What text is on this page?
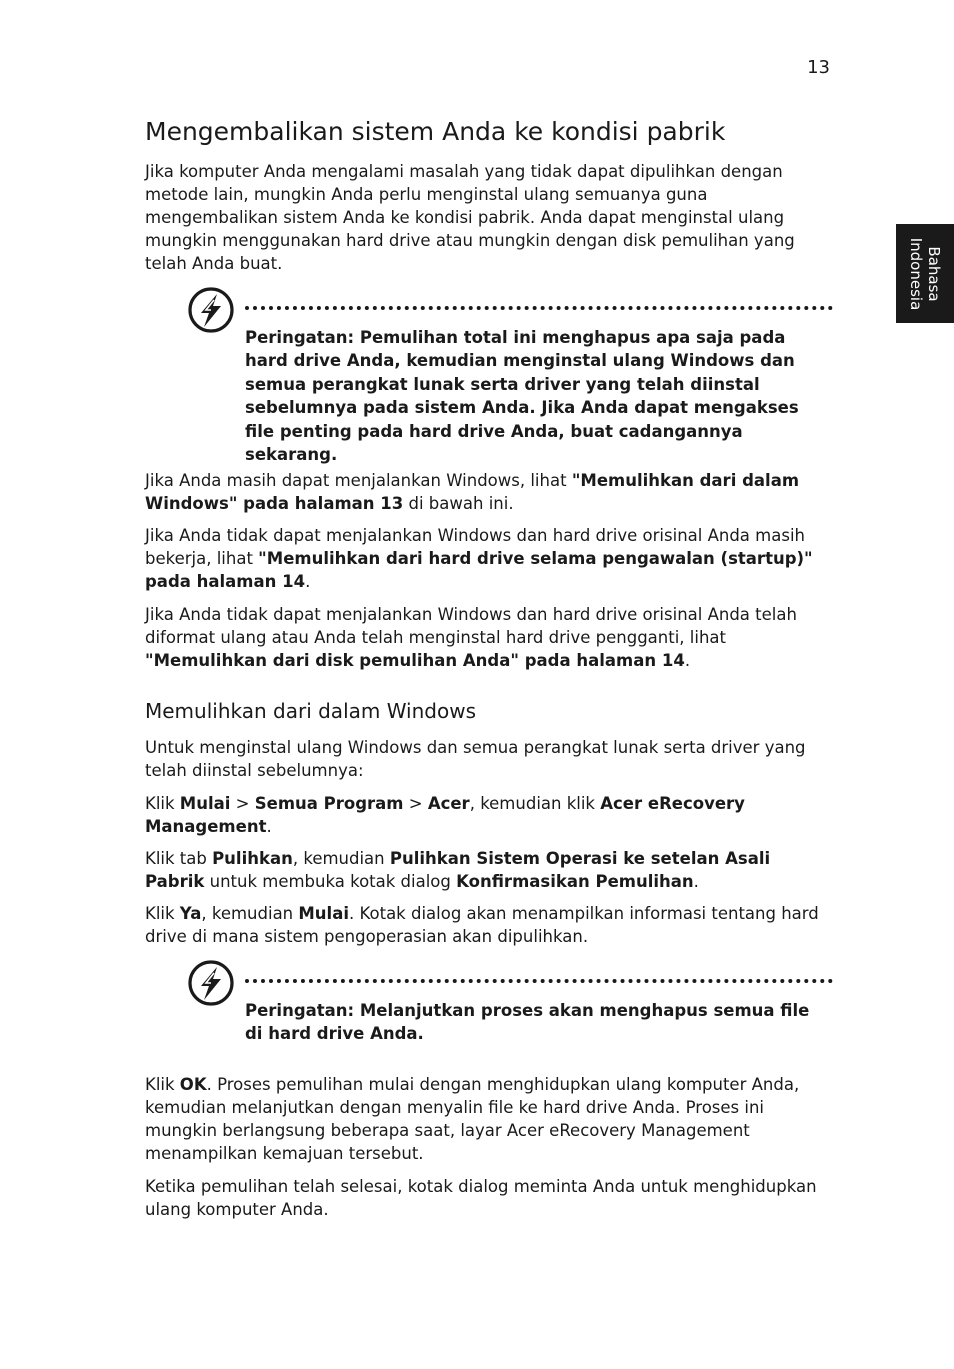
13
Bahasa
Indonesia
Mengembalikan sistem Anda ke kondisi pabrik

Jika komputer Anda mengalami masalah yang tidak dapat dipulihkan dengan metode lain, mungkin Anda perlu menginstal ulang semuanya guna mengembalikan sistem Anda ke kondisi pabrik. Anda dapat menginstal ulang mungkin menggunakan hard drive atau mungkin dengan disk pemulihan yang telah Anda buat.

Peringatan: Pemulihan total ini menghapus apa saja pada hard drive Anda, kemudian menginstal ulang Windows dan semua perangkat lunak serta driver yang telah diinstal sebelumnya pada sistem Anda. Jika Anda dapat mengakses file penting pada hard drive Anda, buat cadangannya sekarang.

Jika Anda masih dapat menjalankan Windows, lihat "Memulihkan dari dalam Windows" pada halaman 13 di bawah ini.

Jika Anda tidak dapat menjalankan Windows dan hard drive orisinal Anda masih bekerja, lihat "Memulihkan dari hard drive selama pengawalan (startup)" pada halaman 14.

Jika Anda tidak dapat menjalankan Windows dan hard drive orisinal Anda telah diformat ulang atau Anda telah menginstal hard drive pengganti, lihat "Memulihkan dari disk pemulihan Anda" pada halaman 14.

Memulihkan dari dalam Windows

Untuk menginstal ulang Windows dan semua perangkat lunak serta driver yang telah diinstal sebelumnya:

Klik Mulai > Semua Program > Acer, kemudian klik Acer eRecovery Management.

Klik tab Pulihkan, kemudian Pulihkan Sistem Operasi ke setelan Asali Pabrik untuk membuka kotak dialog Konfirmasikan Pemulihan.

Klik Ya, kemudian Mulai. Kotak dialog akan menampilkan informasi tentang hard drive di mana sistem pengoperasian akan dipulihkan.

Peringatan: Melanjutkan proses akan menghapus semua file di hard drive Anda.

Klik OK. Proses pemulihan mulai dengan menghidupkan ulang komputer Anda, kemudian melanjutkan dengan menyalin file ke hard drive Anda. Proses ini mungkin berlangsung beberapa saat, layar Acer eRecovery Management menampilkan kemajuan tersebut.

Ketika pemulihan telah selesai, kotak dialog meminta Anda untuk menghidupkan ulang komputer Anda.
